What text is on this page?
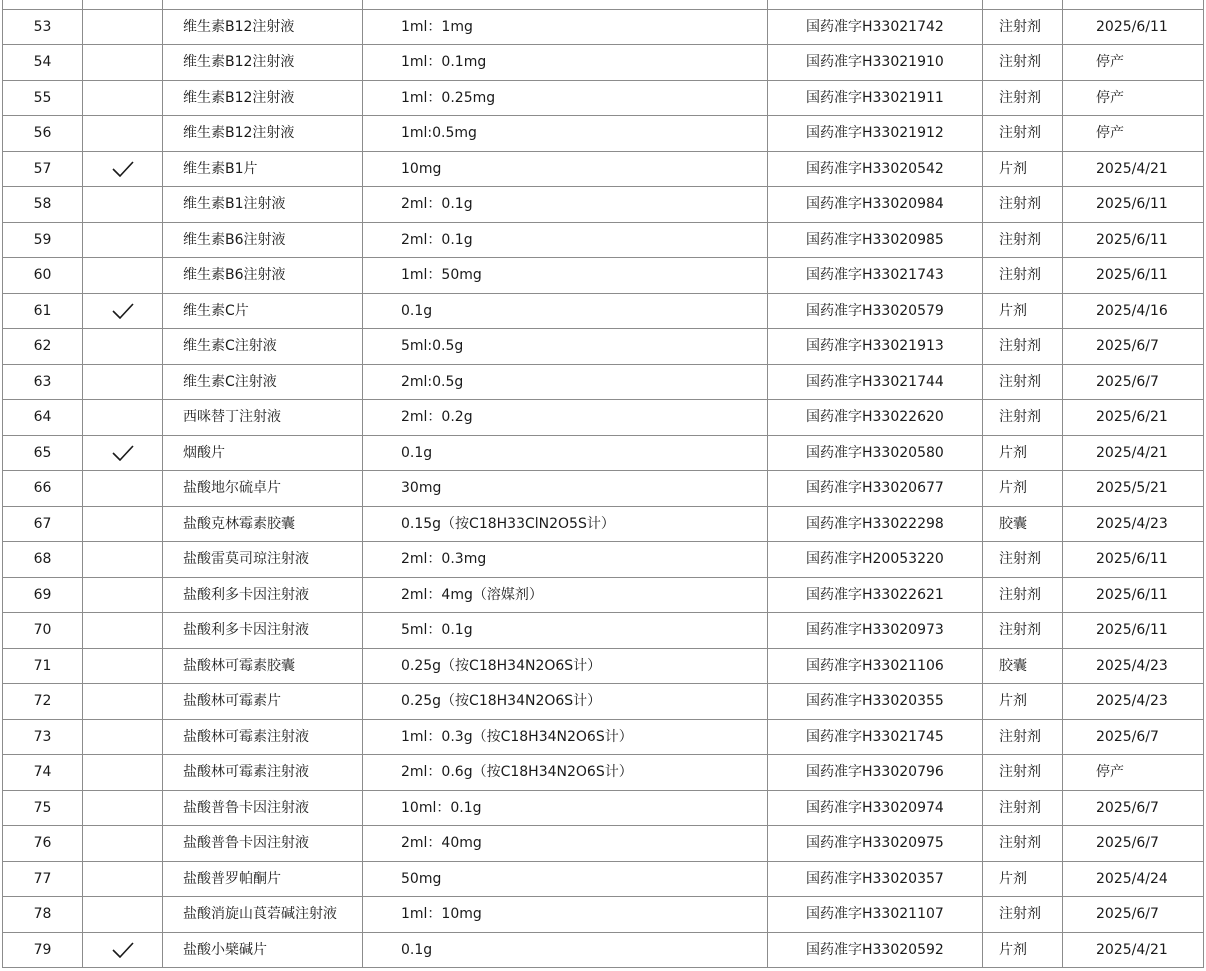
53		维生素B12注射液	1ml：1mg	国药准字H33021742	注射剂	2025/6/11
54		维生素B12注射液	1ml：0.1mg	国药准字H33021910	注射剂	停产
55		维生素B12注射液	1ml：0.25mg	国药准字H33021911	注射剂	停产
56		维生素B12注射液	1ml:0.5mg	国药准字H33021912	注射剂	停产
57		维生素B1片	10mg	国药准字H33020542	片剂	2025/4/21
58		维生素B1注射液	2ml：0.1g	国药准字H33020984	注射剂	2025/6/11
59		维生素B6注射液	2ml：0.1g	国药准字H33020985	注射剂	2025/6/11
60		维生素B6注射液	1ml：50mg	国药准字H33021743	注射剂	2025/6/11
61		维生素C片	0.1g	国药准字H33020579	片剂	2025/4/16
62		维生素C注射液	5ml:0.5g	国药准字H33021913	注射剂	2025/6/7
63		维生素C注射液	2ml:0.5g	国药准字H33021744	注射剂	2025/6/7
64		西咪替丁注射液	2ml：0.2g	国药准字H33022620	注射剂	2025/6/21
65		烟酸片	0.1g	国药准字H33020580	片剂	2025/4/21
66		盐酸地尔硫卓片	30mg	国药准字H33020677	片剂	2025/5/21
67		盐酸克林霉素胶囊	0.15g（按C18H33ClN2O5S计）	国药准字H33022298	胶囊	2025/4/23
68		盐酸雷莫司琼注射液	2ml：0.3mg	国药准字H20053220	注射剂	2025/6/11
69		盐酸利多卡因注射液	2ml：4mg（溶媒剂）	国药准字H33022621	注射剂	2025/6/11
70		盐酸利多卡因注射液	5ml：0.1g	国药准字H33020973	注射剂	2025/6/11
71		盐酸林可霉素胶囊	0.25g（按C18H34N2O6S计）	国药准字H33021106	胶囊	2025/4/23
72		盐酸林可霉素片	0.25g（按C18H34N2O6S计）	国药准字H33020355	片剂	2025/4/23
73		盐酸林可霉素注射液	1ml：0.3g（按C18H34N2O6S计）	国药准字H33021745	注射剂	2025/6/7
74		盐酸林可霉素注射液	2ml：0.6g（按C18H34N2O6S计）	国药准字H33020796	注射剂	停产
75		盐酸普鲁卡因注射液	10ml：0.1g	国药准字H33020974	注射剂	2025/6/7
76		盐酸普鲁卡因注射液	2ml：40mg	国药准字H33020975	注射剂	2025/6/7
77		盐酸普罗帕酮片	50mg	国药准字H33020357	片剂	2025/4/24
78		盐酸消旋山莨菪碱注射液	1ml：10mg	国药准字H33021107	注射剂	2025/6/7
79		盐酸小檗碱片	0.1g	国药准字H33020592	片剂	2025/4/21
